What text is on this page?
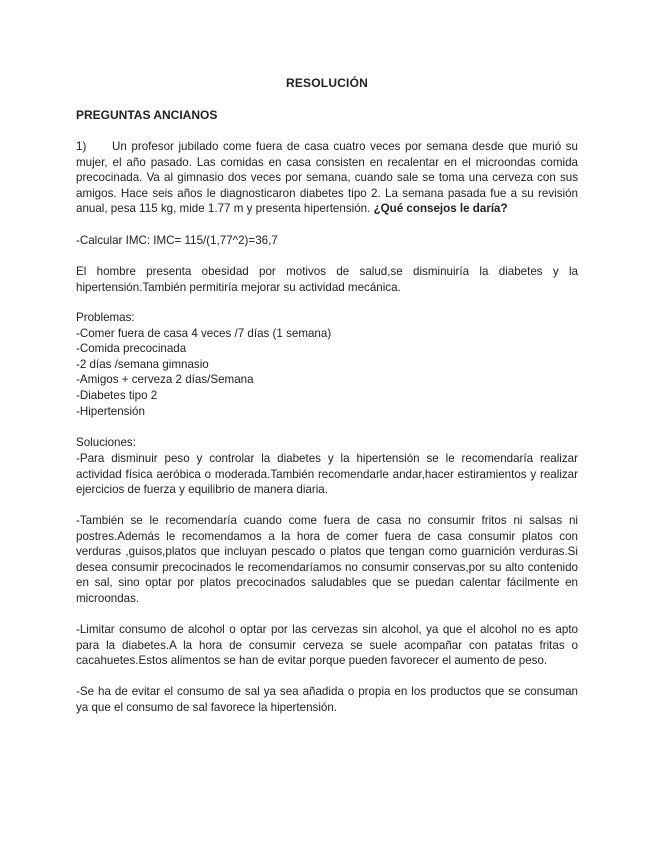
RESOLUCIÓN
PREGUNTAS ANCIANOS
1) Un profesor jubilado come fuera de casa cuatro veces por semana desde que murió su mujer, el año pasado. Las comidas en casa consisten en recalentar en el microondas comida precocinada. Va al gimnasio dos veces por semana, cuando sale se toma una cerveza con sus amigos. Hace seis años le diagnosticaron diabetes tipo 2. La semana pasada fue a su revisión anual, pesa 115 kg, mide 1.77 m y presenta hipertensión. ¿Qué consejos le daría?
-Calcular IMC: IMC= 115/(1,77^2)=36,7
El hombre presenta obesidad por motivos de salud,se disminuiría la diabetes y la hipertensión.También permitiría mejorar su actividad mecánica.
Problemas:
-Comer fuera de casa 4 veces /7 días (1 semana)
-Comida precocinada
-2 días /semana gimnasio
-Amigos + cerveza 2 días/Semana
-Diabetes tipo 2
-Hipertensión
Soluciones:
-Para disminuir peso y controlar la diabetes y la hipertensión se le recomendaría realizar actividad física aeróbica o moderada.También recomendarle andar,hacer estiramientos y realizar ejercicios de fuerza y equilibrio de manera diaria.
-También se le recomendaría cuando come fuera de casa no consumir fritos ni salsas ni postres.Además le recomendamos a la hora de comer fuera de casa consumir platos con verduras ,guisos,platos que incluyan pescado o platos que tengan como guarnición verduras.Si desea consumir precocinados le recomendaríamos no consumir conservas,por su alto contenido en sal, sino optar por platos precocinados saludables que se puedan calentar fácilmente en microondas.
-Limitar consumo de alcohol o optar por las cervezas sin alcohol, ya que el alcohol no es apto para la diabetes.A la hora de consumir cerveza se suele acompañar con patatas fritas o cacahuetes.Estos alimentos se han de evitar porque pueden favorecer el aumento de peso.
-Se ha de evitar el consumo de sal ya sea añadida o propia en los productos que se consuman ya que el consumo de sal favorece la hipertensión.
